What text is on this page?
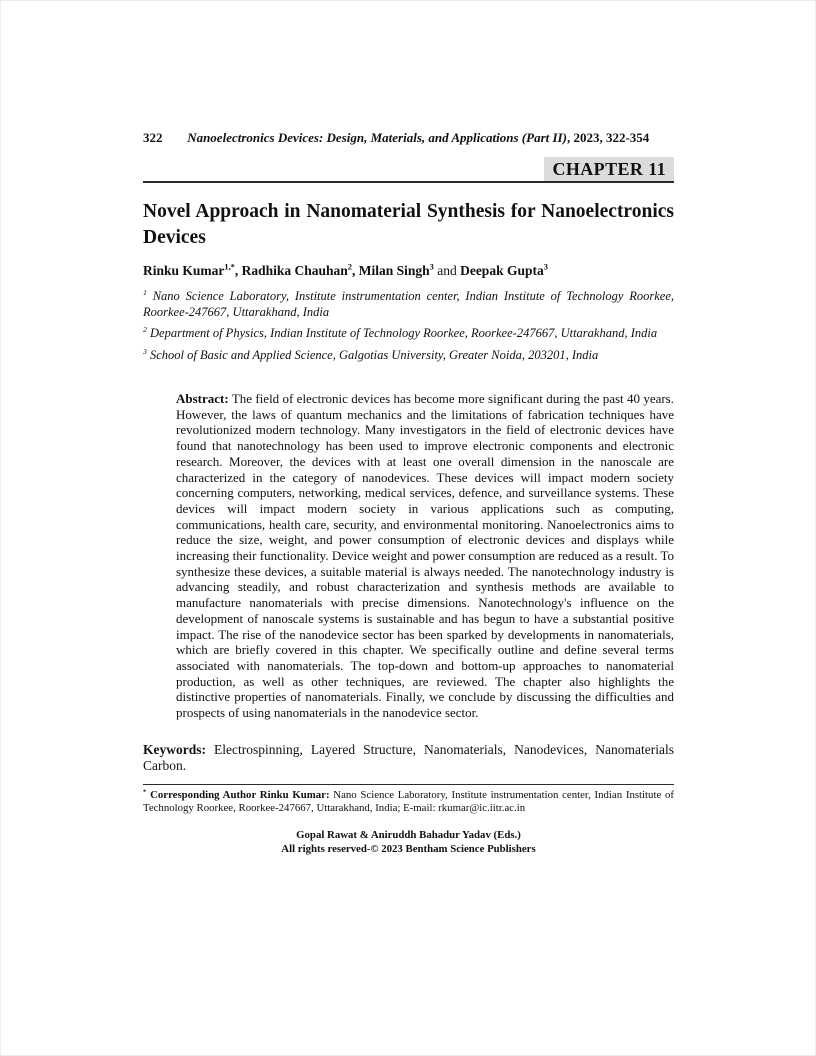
322	Nanoelectronics Devices: Design, Materials, and Applications (Part II), 2023, 322-354
CHAPTER 11
Novel Approach in Nanomaterial Synthesis for Nanoelectronics Devices

Rinku Kumar$^{1,*}$, Radhika Chauhan$^2$, Milan Singh$^3$ and Deepak Gupta$^3$

$^1$ Nano Science Laboratory, Institute instrumentation center, Indian Institute of Technology Roorkee, Roorkee-247667, Uttarakhand, India

$^2$ Department of Physics, Indian Institute of Technology Roorkee, Roorkee-247667, Uttarakhand, India

$^3$ School of Basic and Applied Science, Galgotias University, Greater Noida, 203201, India

Abstract: The field of electronic devices has become more significant during the past 40 years. However, the laws of quantum mechanics and the limitations of fabrication techniques have revolutionized modern technology. Many investigators in the field of electronic devices have found that nanotechnology has been used to improve electronic components and electronic research. Moreover, the devices with at least one overall dimension in the nanoscale are characterized in the category of nanodevices. These devices will impact modern society concerning computers, networking, medical services, defence, and surveillance systems. These devices will impact modern society in various applications such as computing, communications, health care, security, and environmental monitoring. Nanoelectronics aims to reduce the size, weight, and power consumption of electronic devices and displays while increasing their functionality. Device weight and power consumption are reduced as a result. To synthesize these devices, a suitable material is always needed. The nanotechnology industry is advancing steadily, and robust characterization and synthesis methods are available to manufacture nanomaterials with precise dimensions. Nanotechnology's influence on the development of nanoscale systems is sustainable and has begun to have a substantial positive impact. The rise of the nanodevice sector has been sparked by developments in nanomaterials, which are briefly covered in this chapter. We specifically outline and define several terms associated with nanomaterials. The top-down and bottom-up approaches to nanomaterial production, as well as other techniques, are reviewed. The chapter also highlights the distinctive properties of nanomaterials. Finally, we conclude by discussing the difficulties and prospects of using nanomaterials in the nanodevice sector.

Keywords: Electrospinning, Layered Structure, Nanomaterials, Nanodevices, Nanomaterials Carbon.

* Corresponding Author Rinku Kumar: Nano Science Laboratory, Institute instrumentation center, Indian Institute of Technology Roorkee, Roorkee-247667, Uttarakhand, India; E-mail: rkumar@ic.iitr.ac.in

Gopal Rawat & Aniruddh Bahadur Yadav (Eds.)
All rights reserved-© 2023 Bentham Science Publishers
